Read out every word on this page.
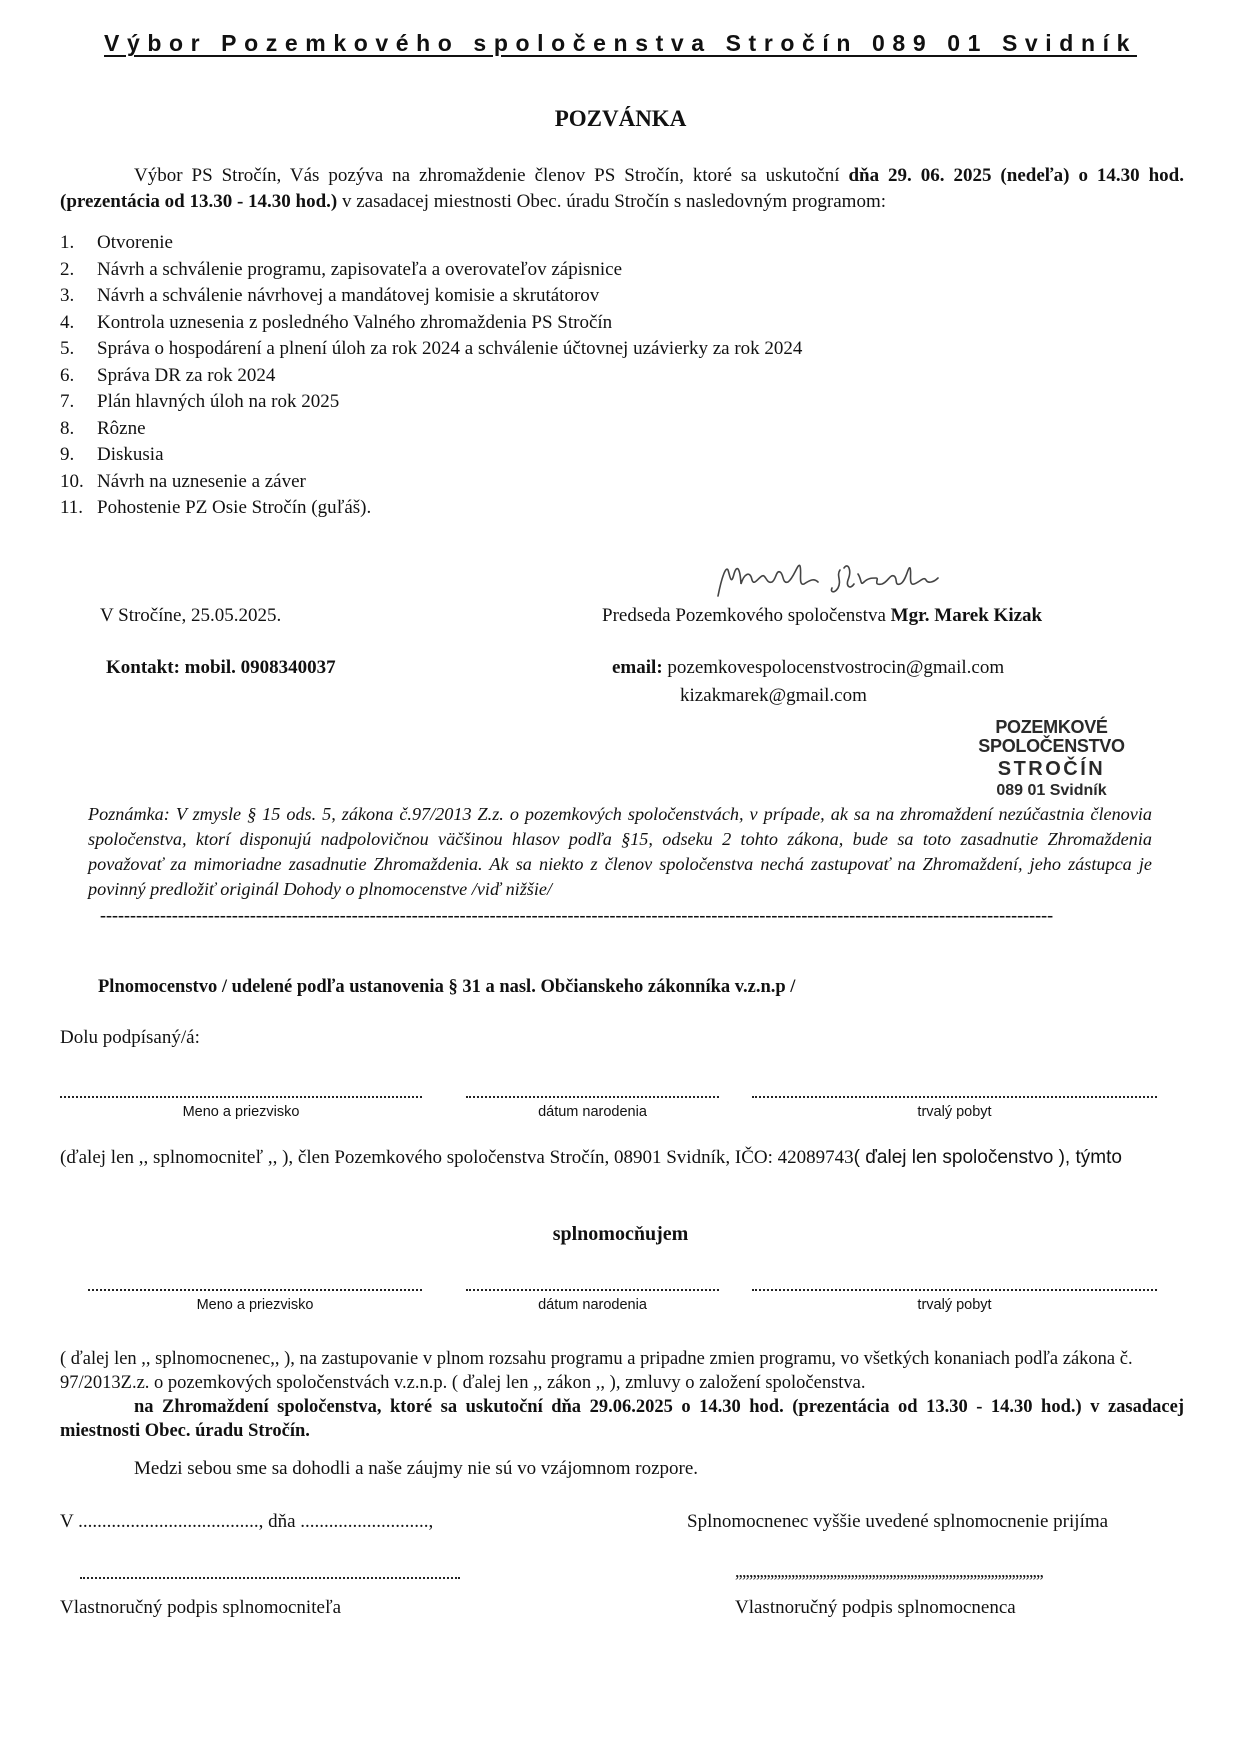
Výbor Pozemkového spoločenstva Stročín 089 01 Svidník
POZVÁNKA
Výbor PS Stročín, Vás pozýva na zhromaždenie členov PS Stročín, ktoré sa uskutoční dňa 29. 06. 2025 (nedeľa) o 14.30 hod. (prezentácia od 13.30 - 14.30 hod.) v zasadacej miestnosti Obec. úradu Stročín s nasledovným programom:
1. Otvorenie
2. Návrh a schválenie programu, zapisovateľa a overovateľov zápisnice
3. Návrh a schválenie návrhovej a mandátovej komisie a skrutátorov
4. Kontrola uznesenia z posledného Valného zhromaždenia PS Stročín
5. Správa o hospodárení a plnení úloh za rok 2024 a schválenie účtovnej uzávierky za rok 2024
6. Správa DR za rok 2024
7. Plán hlavných úloh na rok 2025
8. Rôzne
9. Diskusia
10. Návrh na uznesenie a záver
11. Pohostenie PZ Osie Stročín (guľáš).
V Stročíne, 25.05.2025.
Marek Kizak
Predseda Pozemkového spoločenstva Mgr. Marek Kizak
Kontakt: mobil. 0908340037	email: pozemkovespolocenstvostrocin@gmail.com
kizakmarek@gmail.com
POZEMKOVÉ SPOLOČENSTVO
STROČÍN
089 01 Svidník
Poznámka: V zmysle § 15 ods. 5, zákona č.97/2013 Z.z. o pozemkových spoločenstvách, v prípade, ak sa na zhromaždení nezúčastnia členovia spoločenstva, ktorí disponujú nadpolovičnou väčšinou hlasov podľa §15, odseku 2 tohto zákona, bude sa toto zasadnutie Zhromaždenia považovať za mimoriadne zasadnutie Zhromaždenia. Ak sa niekto z členov spoločenstva nechá zastupovať na Zhromaždení, jeho zástupca je povinný predložiť originál Dohody o plnomocenstve /viď nižšie/
---------------------------------------------------------------------------------------------------------------------------------------------------------------
Plnomocenstvo / udelené podľa ustanovenia § 31 a nasl. Občianskeho zákonníka v.z.n.p /
Dolu podpísaný/á:
Meno a priezvisko	dátum narodenia	trvalý pobyt
(ďalej len ,, splnomocniteľ ,, ), člen Pozemkového spoločenstva Stročín, 08901 Svidník, IČO: 42089743( ďalej len spoločenstvo ), týmto
splnomocňujem
Meno a priezvisko	dátum narodenia	trvalý pobyt
( ďalej len ,, splnomocnenec,, ), na zastupovanie v plnom rozsahu programu a pripadne zmien programu, vo všetkých konaniach podľa zákona č. 97/2013Z.z. o pozemkových spoločenstvách v.z.n.p. ( ďalej len ,, zákon ,, ), zmluvy o založení spoločenstva.
na Zhromaždení spoločenstva, ktoré sa uskutoční dňa 29.06.2025 o 14.30 hod. (prezentácia od 13.30 - 14.30 hod.) v zasadacej miestnosti Obec. úradu Stročín.
Medzi sebou sme sa dohodli a naše záujmy nie sú vo vzájomnom rozpore.
V ......................................, dňa ...........................,	Splnomocnenec vyššie uvedené splnomocnenie prijíma
,,,,,,,,,,,,,,,,,,,,,,,,,,,,,,,,,,,,,,,,,,,,,,,,,,,,,,,,,,,,,,,,,,,,,,,,,,,,,,,,,,,,,,,,
Vlastnoručný podpis splnomocniteľa	Vlastnoručný podpis splnomocnenca
